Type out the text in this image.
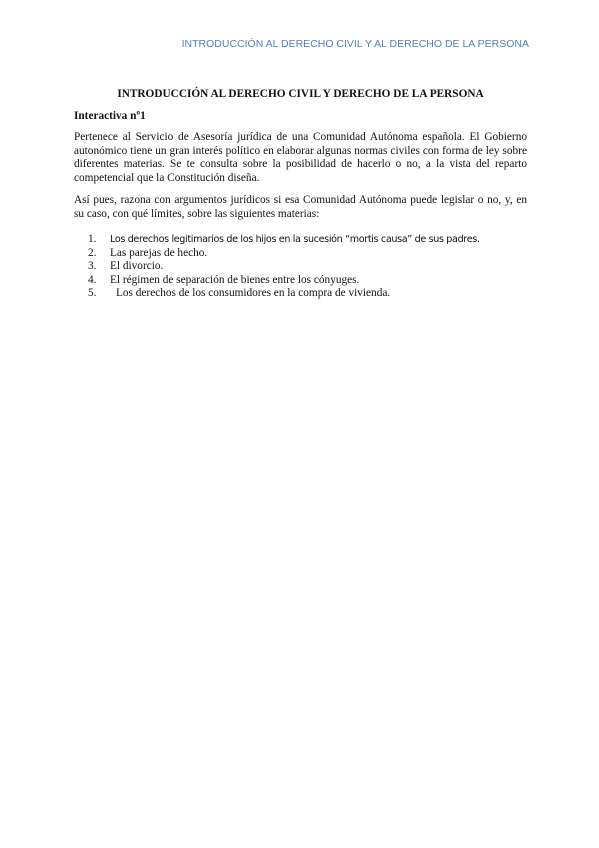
INTRODUCCIÓN AL DERECHO CIVIL Y AL DERECHO DE LA PERSONA
INTRODUCCIÓN AL DERECHO CIVIL Y DERECHO DE LA PERSONA
Interactiva nº1

Pertenece al Servicio de Asesoría jurídica de una Comunidad Autónoma española. El Gobierno autonómico tiene un gran interés político en elaborar algunas normas civiles con forma de ley sobre diferentes materias. Se te consulta sobre la posibilidad de hacerlo o no, a la vista del reparto competencial que la Constitución diseña.

Así pues, razona con argumentos jurídicos si esa Comunidad Autónoma puede legislar o no, y, en su caso, con qué límites, sobre las siguientes materias:

1.	Los derechos legitimarios de los hijos en la sucesión “mortis causa” de sus padres.
2.	Las parejas de hecho.
3.	El divorcio.
4.	El régimen de separación de bienes entre los cónyuges.
5.	Los derechos de los consumidores en la compra de vivienda.
